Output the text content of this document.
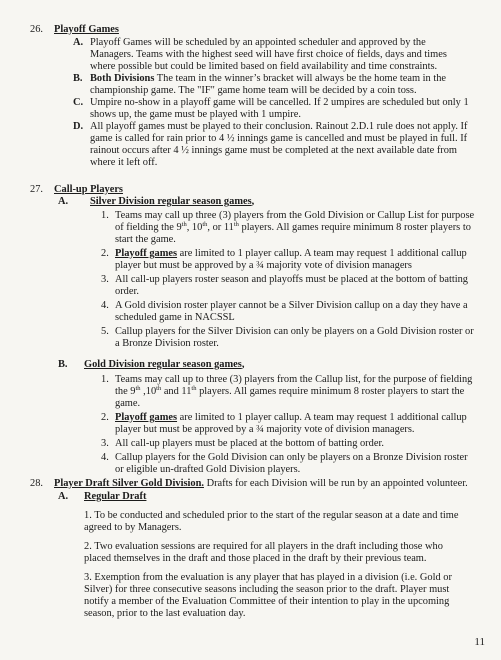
26. Playoff Games
A. Playoff Games will be scheduled by an appointed scheduler and approved by the
Managers. Teams with the highest seed will have first choice of fields, days and times
where possible but could be limited based on field availability and time constraints.
B. Both Divisions The team in the winner’s bracket will always be the home team in the
championship game. The "IF" game home team will be decided by a coin toss.
C. Umpire no-show in a playoff game will be cancelled. If 2 umpires are scheduled but only 1
shows up, the game must be played with 1 umpire.
D. All playoff games must be played to their conclusion. Rainout 2.D.1 rule does not apply. If
game is called for rain prior to 4 ½ innings game is cancelled and must be played in full. If
rainout occurs after 4 ½ innings game must be completed at the next available date from
where it left off.
27. Call-up Players
A. Silver Division regular season games,
1. Teams may call up three (3) players from the Gold Division or Callup List for purpose
of fielding the 9th, 10th, or 11th players. All games require minimum 8 roster players to
start the game.
2. Playoff games are limited to 1 player callup. A team may request 1 additional callup
player but must be approved by a ¾ majority vote of division managers
3. All call-up players roster season and playoffs must be placed at the bottom of batting
order.
4. A Gold division roster player cannot be a Silver Division callup on a day they have a
scheduled game in NACSSL
5. Callup players for the Silver Division can only be players on a Gold Division roster or
a Bronze Division roster.
B. Gold Division regular season games,
1. Teams may call up to three (3) players from the Callup list, for the purpose of fielding
the 9th ,10th and 11th players. All games require minimum 8 roster players to start the
game.
2. Playoff games are limited to 1 player callup. A team may request 1 additional callup
player but must be approved by a ¾ majority vote of division managers.
3. All call-up players must be placed at the bottom of batting order.
4. Callup players for the Gold Division can only be players on a Bronze Division roster
or eligible un-drafted Gold Division players.
28. Player Draft Silver Gold Division. Drafts for each Division will be run by an appointed volunteer.
A. Regular Draft
1. To be conducted and scheduled prior to the start of the regular season at a date and time
agreed to by Managers.
2. Two evaluation sessions are required for all players in the draft including those who
placed themselves in the draft and those placed in the draft by their previous team.
3. Exemption from the evaluation is any player that has played in a division (i.e. Gold or
Silver) for three consecutive seasons including the season prior to the draft. Player must
notify a member of the Evaluation Committee of their intention to play in the upcoming
season, prior to the last evaluation day.
11
